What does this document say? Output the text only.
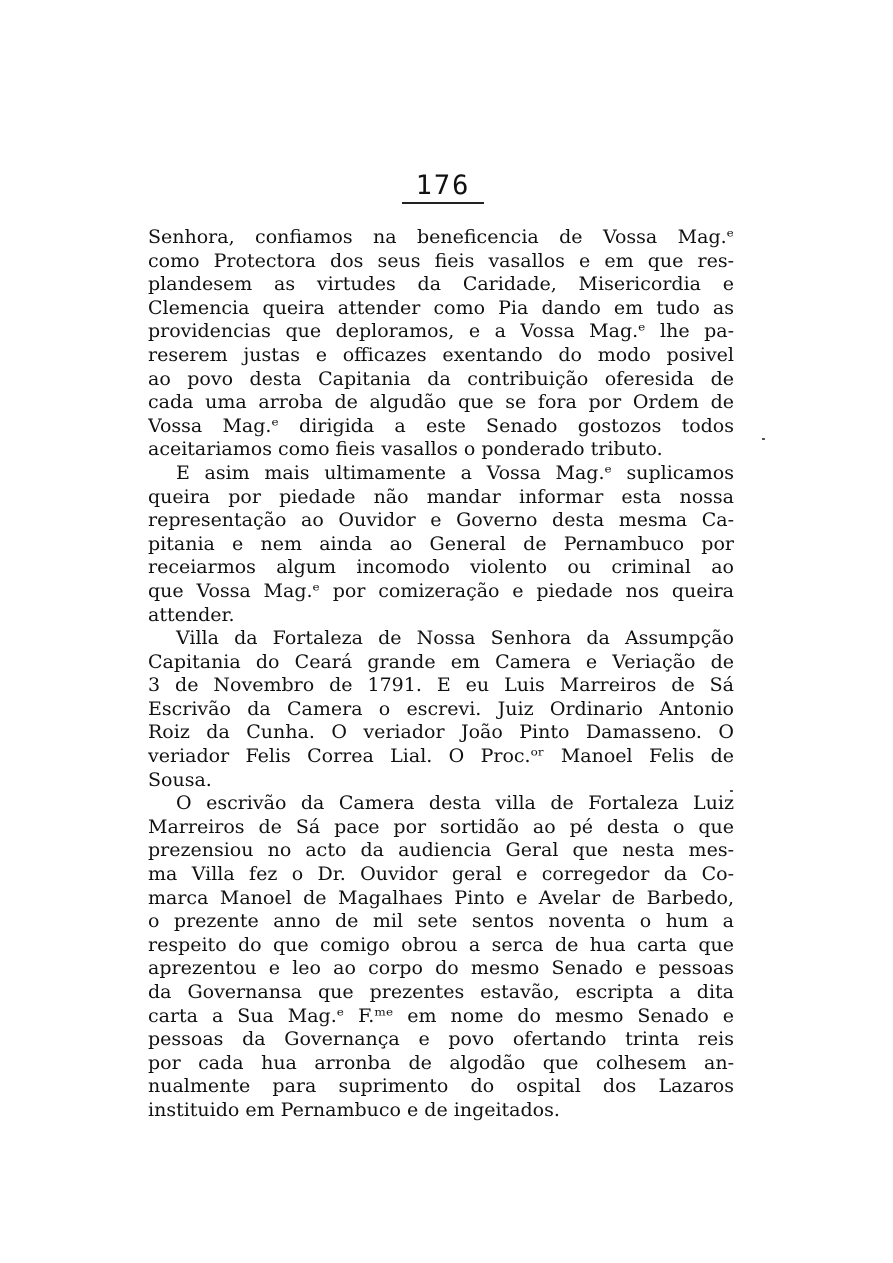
176
Senhora, confiamos na beneficencia de Vossa Mag.ᵉ
como Protectora dos seus fieis vasallos e em que res-
plandesem as virtudes da Caridade, Misericordia e
Clemencia queira attender como Pia dando em tudo as
providencias que deploramos, e a Vossa Mag.ᵉ lhe pa-
reserem justas e officazes exentando do modo posivel
ao povo desta Capitania da contribuição oferesida de
cada uma arroba de algudão que se fora por Ordem de
Vossa Mag.ᵉ dirigida a este Senado gostozos todos
aceitariamos como fieis vasallos o ponderado tributo.
E asim mais ultimamente a Vossa Mag.ᵉ suplicamos
queira por piedade não mandar informar esta nossa
representação ao Ouvidor e Governo desta mesma Ca-
pitania e nem ainda ao General de Pernambuco por
receiarmos algum incomodo violento ou criminal ao
que Vossa Mag.ᵉ por comizeração e piedade nos queira
attender.
Villa da Fortaleza de Nossa Senhora da Assumpção
Capitania do Ceará grande em Camera e Veriação de
3 de Novembro de 1791. E eu Luis Marreiros de Sá
Escrivão da Camera o escrevi. Juiz Ordinario Antonio
Roiz da Cunha. O veriador João Pinto Damasseno. O
veriador Felis Correa Lial. O Proc.ᵒʳ Manoel Felis de
Sousa.
O escrivão da Camera desta villa de Fortaleza Luiz
Marreiros de Sá pace por sortidão ao pé desta o que
prezensiou no acto da audiencia Geral que nesta mes-
ma Villa fez o Dr. Ouvidor geral e corregedor da Co-
marca Manoel de Magalhaes Pinto e Avelar de Barbedo,
o prezente anno de mil sete sentos noventa o hum a
respeito do que comigo obrou a serca de hua carta que
aprezentou e leo ao corpo do mesmo Senado e pessoas
da Governansa que prezentes estavão, escripta a dita
carta a Sua Mag.ᵉ F.ᵐᵉ em nome do mesmo Senado e
pessoas da Governança e povo ofertando trinta reis
por cada hua arronba de algodão que colhesem an-
nualmente para suprimento do ospital dos Lazaros
instituido em Pernambuco e de ingeitados.
